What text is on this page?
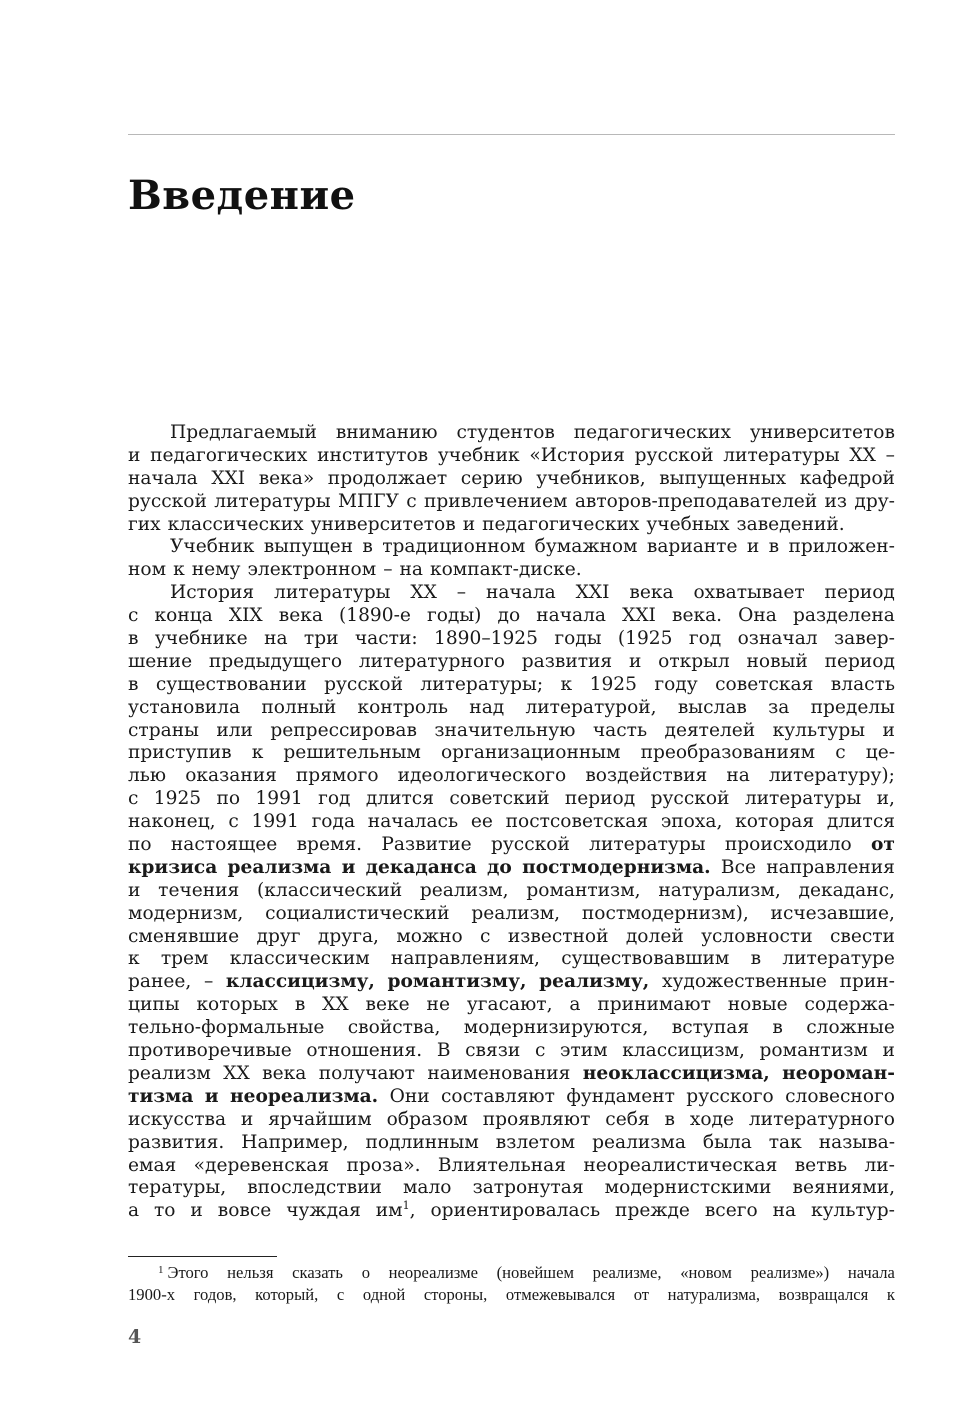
Введение
Предлагаемый вниманию студентов педагогических университетов
и педагогических институтов учебник «История русской литературы XX –
начала XXI века» продолжает серию учебников, выпущенных кафедрой
русской литературы МПГУ с привлечением авторов-преподавателей из дру-
гих классических университетов и педагогических учебных заведений.
Учебник выпущен в традиционном бумажном варианте и в приложен-
ном к нему электронном – на компакт-диске.
История литературы XX – начала XXI века охватывает период
с конца XIX века (1890-е годы) до начала XXI века. Она разделена
в учебнике на три части: 1890–1925 годы (1925 год означал завер-
шение предыдущего литературного развития и открыл новый период
в существовании русской литературы; к 1925 году советская власть
установила полный контроль над литературой, выслав за пределы
страны или репрессировав значительную часть деятелей культуры и
приступив к решительным организационным преобразованиям с це-
лью оказания прямого идеологического воздействия на литературу);
с 1925 по 1991 год длится советский период русской литературы и,
наконец, с 1991 года началась ее постсоветская эпоха, которая длится
по настоящее время. Развитие русской литературы происходило от
кризиса реализма и декаданса до постмодернизма. Все направления
и течения (классический реализм, романтизм, натурализм, декаданс,
модернизм, социалистический реализм, постмодернизм), исчезавшие,
сменявшие друг друга, можно с известной долей условности свести
к трем классическим направлениям, существовавшим в литературе
ранее, – классицизму, романтизму, реализму, художественные прин-
ципы которых в XX веке не угасают, а принимают новые содержа-
тельно-формальные свойства, модернизируются, вступая в сложные
противоречивые отношения. В связи с этим классицизм, романтизм и
реализм XX века получают наименования неоклассицизма, неороман-
тизма и неореализма. Они составляют фундамент русского словесного
искусства и ярчайшим образом проявляют себя в ходе литературного
развития. Например, подлинным взлетом реализма была так называ-
емая «деревенская проза». Влиятельная неореалистическая ветвь ли-
тературы, впоследствии мало затронутая модернистскими веяниями,
а то и вовсе чуждая $им^1$, ориентировалась прежде всего на культур-
$^1$ Этого нельзя сказать о неореализме (новейшем реализме, «новом реализме») начала
1900-х годов, который, с одной стороны, отмежевывался от натурализма, возвращался к
4
